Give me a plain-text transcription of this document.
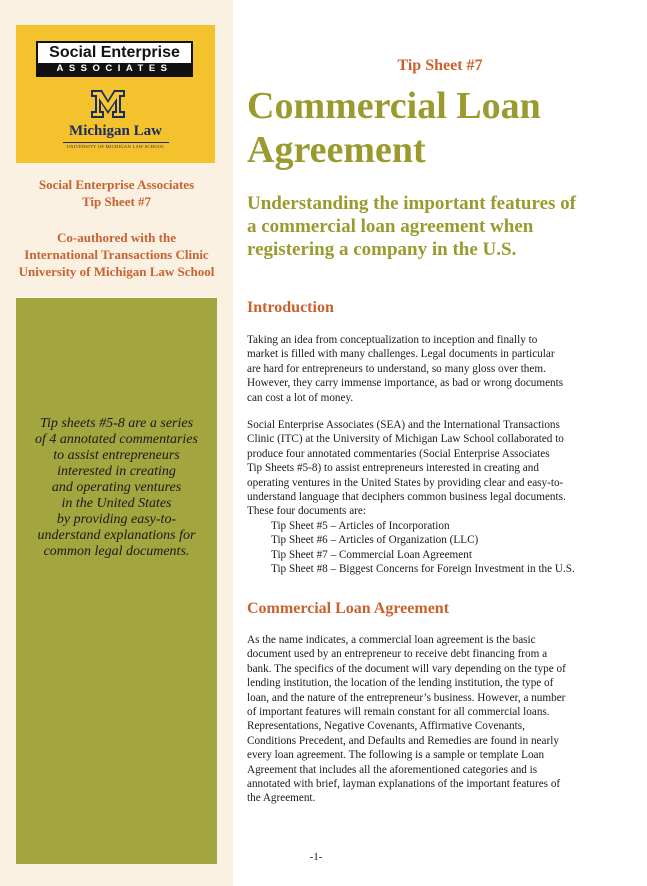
Social Enterprise
ASSOCIATES
Michigan Law
UNIVERSITY OF MICHIGAN LAW SCHOOL
Social Enterprise Associates
Tip Sheet #7
Co-authored with the
International Transactions Clinic
University of Michigan Law School

Tip sheets #5-8 are a series
of 4 annotated commentaries
to assist entrepreneurs
interested in creating
and operating ventures
in the United States
by providing easy-to-
understand explanations for
common legal documents.

Tip Sheet #7
Commercial Loan
Agreement
Understanding the important features of
a commercial loan agreement when
registering a company in the U.S.
Introduction

Taking an idea from conceptualization to inception and finally to
market is filled with many challenges. Legal documents in particular
are hard for entrepreneurs to understand, so many gloss over them.
However, they carry immense importance, as bad or wrong documents
can cost a lot of money.

Social Enterprise Associates (SEA) and the International Transactions
Clinic (ITC) at the University of Michigan Law School collaborated to
produce four annotated commentaries (Social Enterprise Associates
Tip Sheets #5-8) to assist entrepreneurs interested in creating and
operating ventures in the United States by providing clear and easy-to-
understand language that deciphers common business legal documents.
These four documents are:

Tip Sheet #5 – Articles of Incorporation
Tip Sheet #6 – Articles of Organization (LLC)
Tip Sheet #7 – Commercial Loan Agreement
Tip Sheet #8 – Biggest Concerns for Foreign Investment in the U.S.
Commercial Loan Agreement

As the name indicates, a commercial loan agreement is the basic
document used by an entrepreneur to receive debt financing from a
bank. The specifics of the document will vary depending on the type of
lending institution, the location of the lending institution, the type of
loan, and the nature of the entrepreneur’s business. However, a number
of important features will remain constant for all commercial loans.
Representations, Negative Covenants, Affirmative Covenants,
Conditions Precedent, and Defaults and Remedies are found in nearly
every loan agreement. The following is a sample or template Loan
Agreement that includes all the aforementioned categories and is
annotated with brief, layman explanations of the important features of
the Agreement.

-1-
